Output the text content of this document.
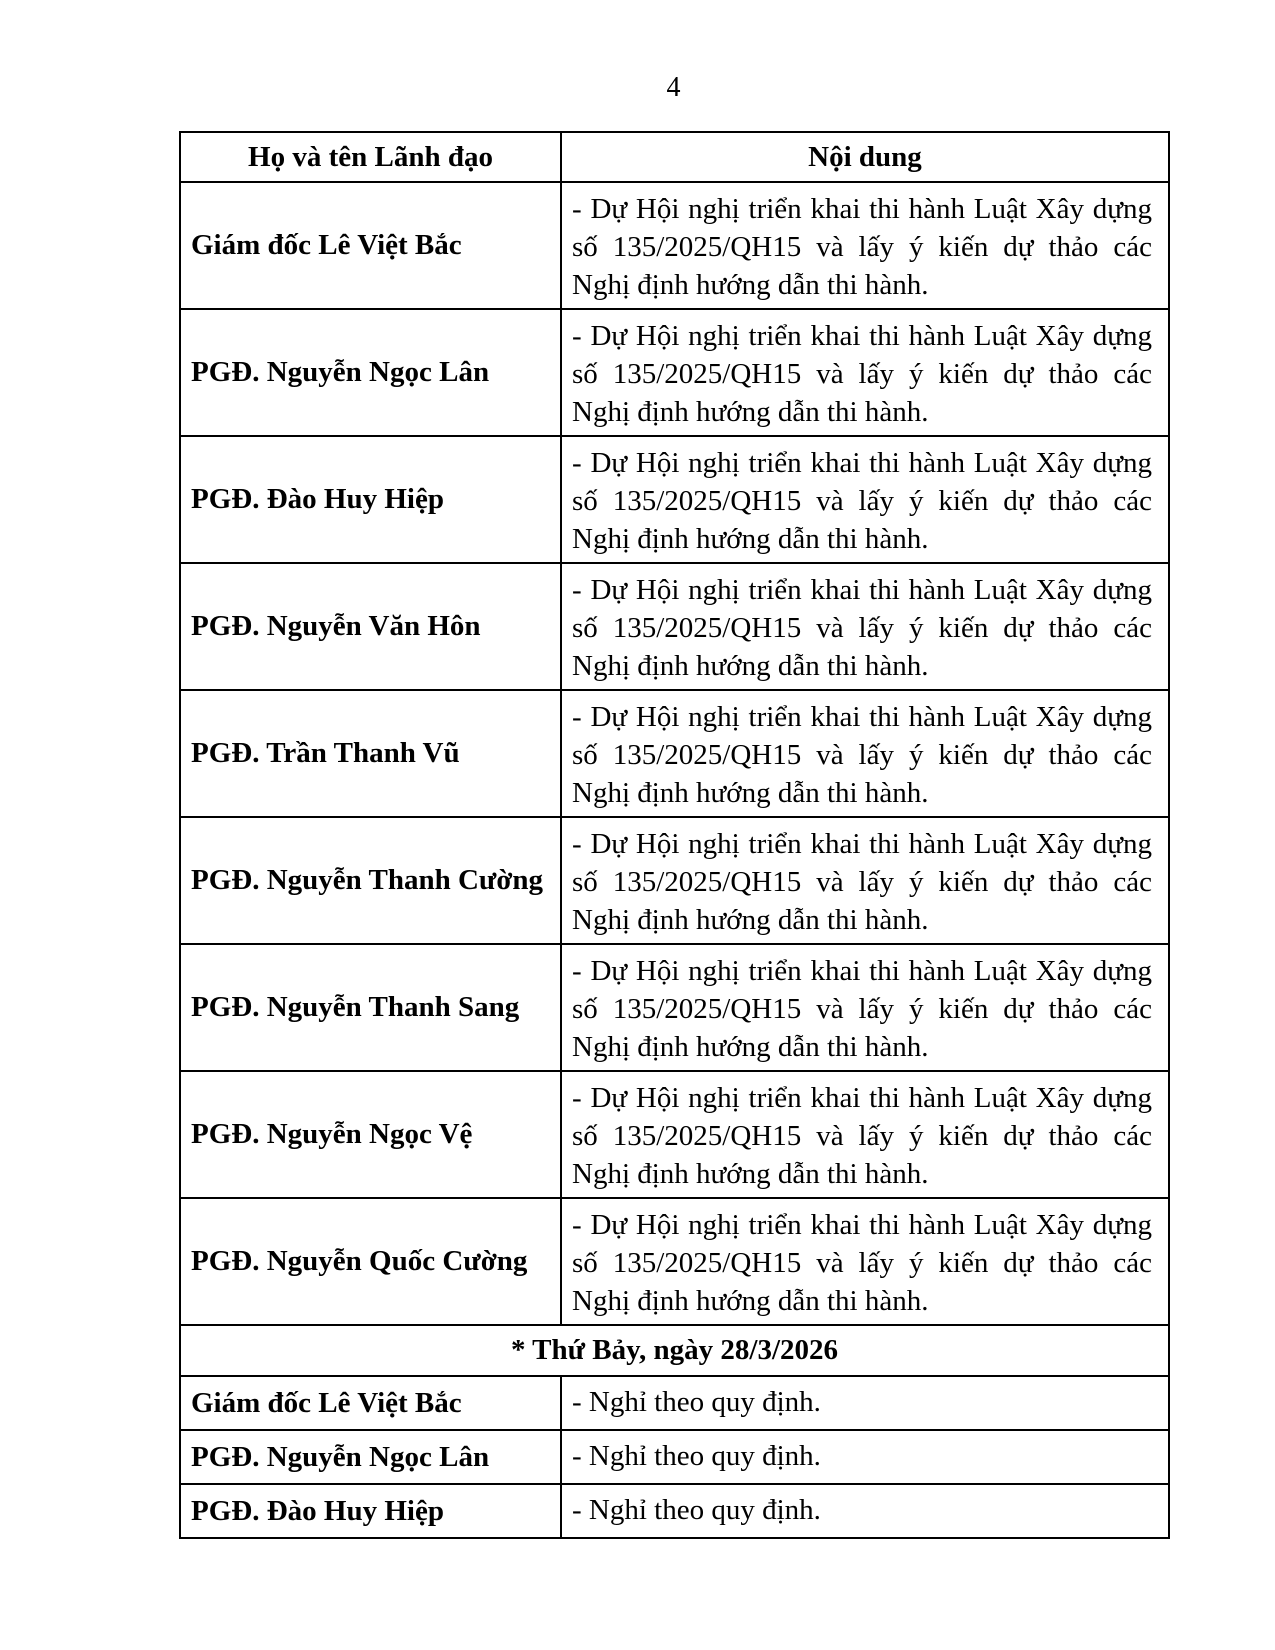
4
Họ và tên Lãnh đạo	Nội dung
Giám đốc Lê Việt Bắc	- Dự Hội nghị triển khai thi hành Luật Xây dựng số 135/2025/QH15 và lấy ý kiến dự thảo các Nghị định hướng dẫn thi hành.
PGĐ. Nguyễn Ngọc Lân	- Dự Hội nghị triển khai thi hành Luật Xây dựng số 135/2025/QH15 và lấy ý kiến dự thảo các Nghị định hướng dẫn thi hành.
PGĐ. Đào Huy Hiệp	- Dự Hội nghị triển khai thi hành Luật Xây dựng số 135/2025/QH15 và lấy ý kiến dự thảo các Nghị định hướng dẫn thi hành.
PGĐ. Nguyễn Văn Hôn	- Dự Hội nghị triển khai thi hành Luật Xây dựng số 135/2025/QH15 và lấy ý kiến dự thảo các Nghị định hướng dẫn thi hành.
PGĐ. Trần Thanh Vũ	- Dự Hội nghị triển khai thi hành Luật Xây dựng số 135/2025/QH15 và lấy ý kiến dự thảo các Nghị định hướng dẫn thi hành.
PGĐ. Nguyễn Thanh Cường	- Dự Hội nghị triển khai thi hành Luật Xây dựng số 135/2025/QH15 và lấy ý kiến dự thảo các Nghị định hướng dẫn thi hành.
PGĐ. Nguyễn Thanh Sang	- Dự Hội nghị triển khai thi hành Luật Xây dựng số 135/2025/QH15 và lấy ý kiến dự thảo các Nghị định hướng dẫn thi hành.
PGĐ. Nguyễn Ngọc Vệ	- Dự Hội nghị triển khai thi hành Luật Xây dựng số 135/2025/QH15 và lấy ý kiến dự thảo các Nghị định hướng dẫn thi hành.
PGĐ. Nguyễn Quốc Cường	- Dự Hội nghị triển khai thi hành Luật Xây dựng số 135/2025/QH15 và lấy ý kiến dự thảo các Nghị định hướng dẫn thi hành.
* Thứ Bảy, ngày 28/3/2026	
Giám đốc Lê Việt Bắc	- Nghỉ theo quy định.
PGĐ. Nguyễn Ngọc Lân	- Nghỉ theo quy định.
PGĐ. Đào Huy Hiệp	- Nghỉ theo quy định.
